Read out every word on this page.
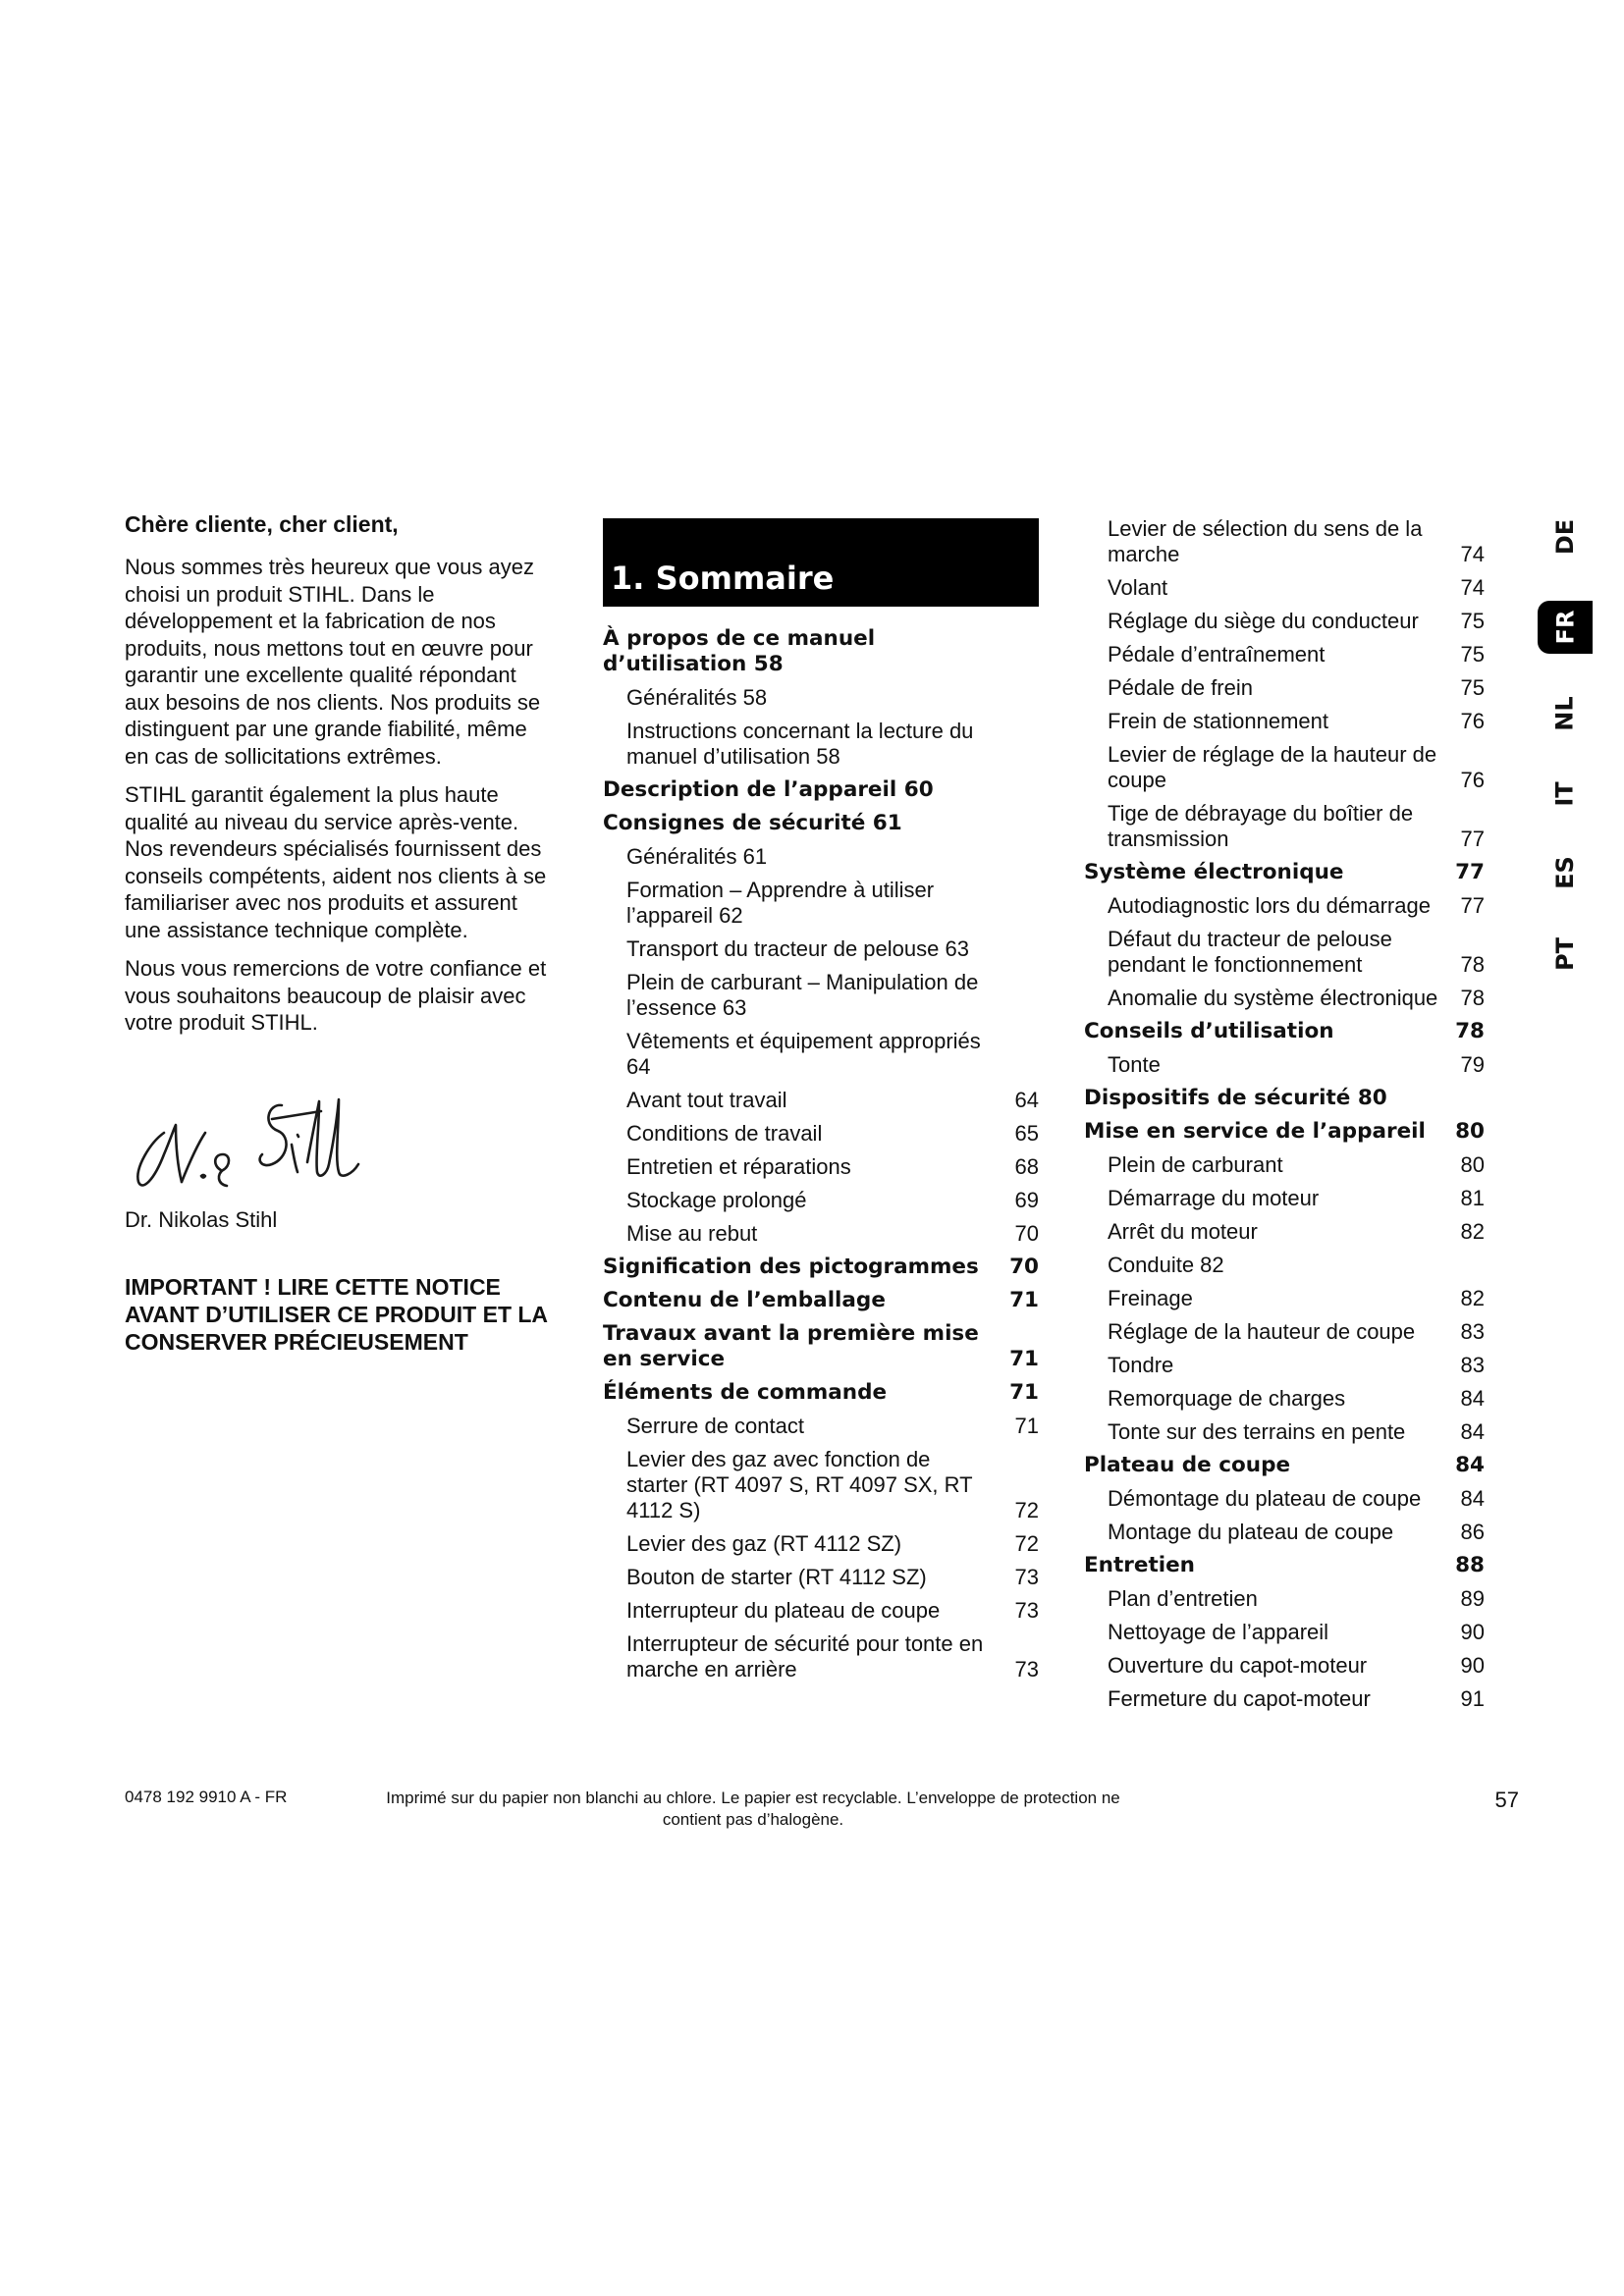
Chère cliente, cher client,

Nous sommes très heureux que vous ayez choisi un produit STIHL. Dans le développement et la fabrication de nos produits, nous mettons tout en œuvre pour garantir une excellente qualité répondant aux besoins de nos clients. Nos produits se distinguent par une grande fiabilité, même en cas de sollicitations extrêmes.

STIHL garantit également la plus haute qualité au niveau du service après-vente. Nos revendeurs spécialisés fournissent des conseils compétents, aident nos clients à se familiariser avec nos produits et assurent une assistance technique complète.

Nous vous remercions de votre confiance et vous souhaitons beaucoup de plaisir avec votre produit STIHL.

Dr. Nikolas Stihl

IMPORTANT ! LIRE CETTE NOTICE AVANT D’UTILISER CE PRODUIT ET LA CONSERVER PRÉCIEUSEMENT
1. Sommaire
À propos de ce manuel d’utilisation 58
Généralités 58
Instructions concernant la lecture du manuel d’utilisation 58
Description de l’appareil 60
Consignes de sécurité 61
Généralités 61
Formation – Apprendre à utiliser l’appareil 62
Transport du tracteur de pelouse 63
Plein de carburant – Manipulation de l’essence 63
Vêtements et équipement appropriés 64
Avant tout travail	64
Conditions de travail	65
Entretien et réparations	68
Stockage prolongé	69
Mise au rebut	70
Signification des pictogrammes	70
Contenu de l’emballage	71
Travaux avant la première mise en service	71
Éléments de commande	71
Serrure de contact	71
Levier des gaz avec fonction de starter (RT 4097 S, RT 4097 SX, RT 4112 S)	72
Levier des gaz (RT 4112 SZ)	72
Bouton de starter (RT 4112 SZ)	73
Interrupteur du plateau de coupe	73
Interrupteur de sécurité pour tonte en marche en arrière	73
Levier de sélection du sens de la marche	74
Volant	74
Réglage du siège du conducteur	75
Pédale d’entraînement	75
Pédale de frein	75
Frein de stationnement	76
Levier de réglage de la hauteur de coupe	76
Tige de débrayage du boîtier de transmission	77
Système électronique	77
Autodiagnostic lors du démarrage	77
Défaut du tracteur de pelouse pendant le fonctionnement	78
Anomalie du système électronique	78
Conseils d’utilisation	78
Tonte	79
Dispositifs de sécurité 80
Mise en service de l’appareil	80
Plein de carburant	80
Démarrage du moteur	81
Arrêt du moteur	82
Conduite 82
Freinage	82
Réglage de la hauteur de coupe	83
Tondre	83
Remorquage de charges	84
Tonte sur des terrains en pente	84
Plateau de coupe	84
Démontage du plateau de coupe	84
Montage du plateau de coupe	86
Entretien	88
Plan d’entretien	89
Nettoyage de l’appareil	90
Ouverture du capot-moteur	90
Fermeture du capot-moteur	91
DE
FR
NL
IT
ES
PT
0478 192 9910 A - FR	Imprimé sur du papier non blanchi au chlore. Le papier est recyclable. L’enveloppe de protection ne contient pas d’halogène.
57
